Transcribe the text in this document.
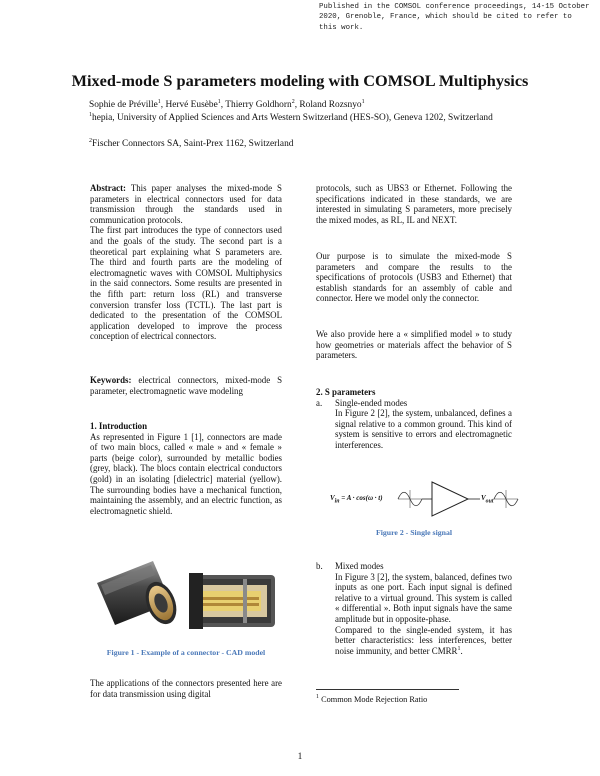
Published in the COMSOL conference proceedings, 14-15 October 2020, Grenoble, France, which should be cited to refer to this work.
Mixed-mode S parameters modeling with COMSOL Multiphysics
Sophie de Préville$^1$, Hervé Eusèbe$^1$, Thierry Goldhorn$^2$, Roland Rozsnyo$^1$
$^1$hepia, University of Applied Sciences and Arts Western Switzerland (HES-SO), Geneva 1202, Switzerland
$^2$Fischer Connectors SA, Saint-Prex 1162, Switzerland

Abstract: This paper analyses the mixed-mode S parameters in electrical connectors used for data transmission through the standards used in communication protocols.

The first part introduces the type of connectors used and the goals of the study. The second part is a theoretical part explaining what S parameters are. The third and fourth parts are the modeling of electromagnetic waves with COMSOL Multiphysics in the said connectors. Some results are presented in the fifth part: return loss (RL) and transverse conversion transfer loss (TCTL). The last part is dedicated to the presentation of the COMSOL application developed to improve the process conception of electrical connectors.

Keywords: electrical connectors, mixed-mode S parameter, electromagnetic wave modeling

1. Introduction

As represented in Figure 1 [1], connectors are made of two main blocs, called « male » and « female » parts (beige color), surrounded by metallic bodies (grey, black). The blocs contain electrical conductors (gold) in an isolating [dielectric] material (yellow). The surrounding bodies have a mechanical function, maintaining the assembly, and an electric function, as electromagnetic shield.

Figure 1 - Example of a connector - CAD model

The applications of the connectors presented here are for data transmission using digital

protocols, such as UBS3 or Ethernet. Following the specifications indicated in these standards, we are interested in simulating S parameters, more precisely the mixed modes, as RL, IL and NEXT.

Our purpose is to simulate the mixed-mode S parameters and compare the results to the specifications of protocols (USB3 and Ethernet) that establish standards for an assembly of cable and connector. Here we model only the connector.

We also provide here a « simplified model » to study how geometries or materials affect the behavior of S parameters.

2. S parameters

a. Single-ended modes

In Figure 2 [2], the system, unbalanced, defines a signal relative to a common ground. This kind of system is sensitive to errors and electromagnetic interferences.

$V_{in} = A \cdot \cos(\omega \cdot t)$	$V_{out}$
Figure 2 - Single signal
b. Mixed modes

In Figure 3 [2], the system, balanced, defines two inputs as one port. Each input signal is defined relative to a virtual ground. This system is called « differential ». Both input signals have the same amplitude but in opposite-phase.

Compared to the single-ended system, it has better characteristics: less interferences, better noise immunity, and better CMRR$^1$.

$^1$ Common Mode Rejection Ratio
1
